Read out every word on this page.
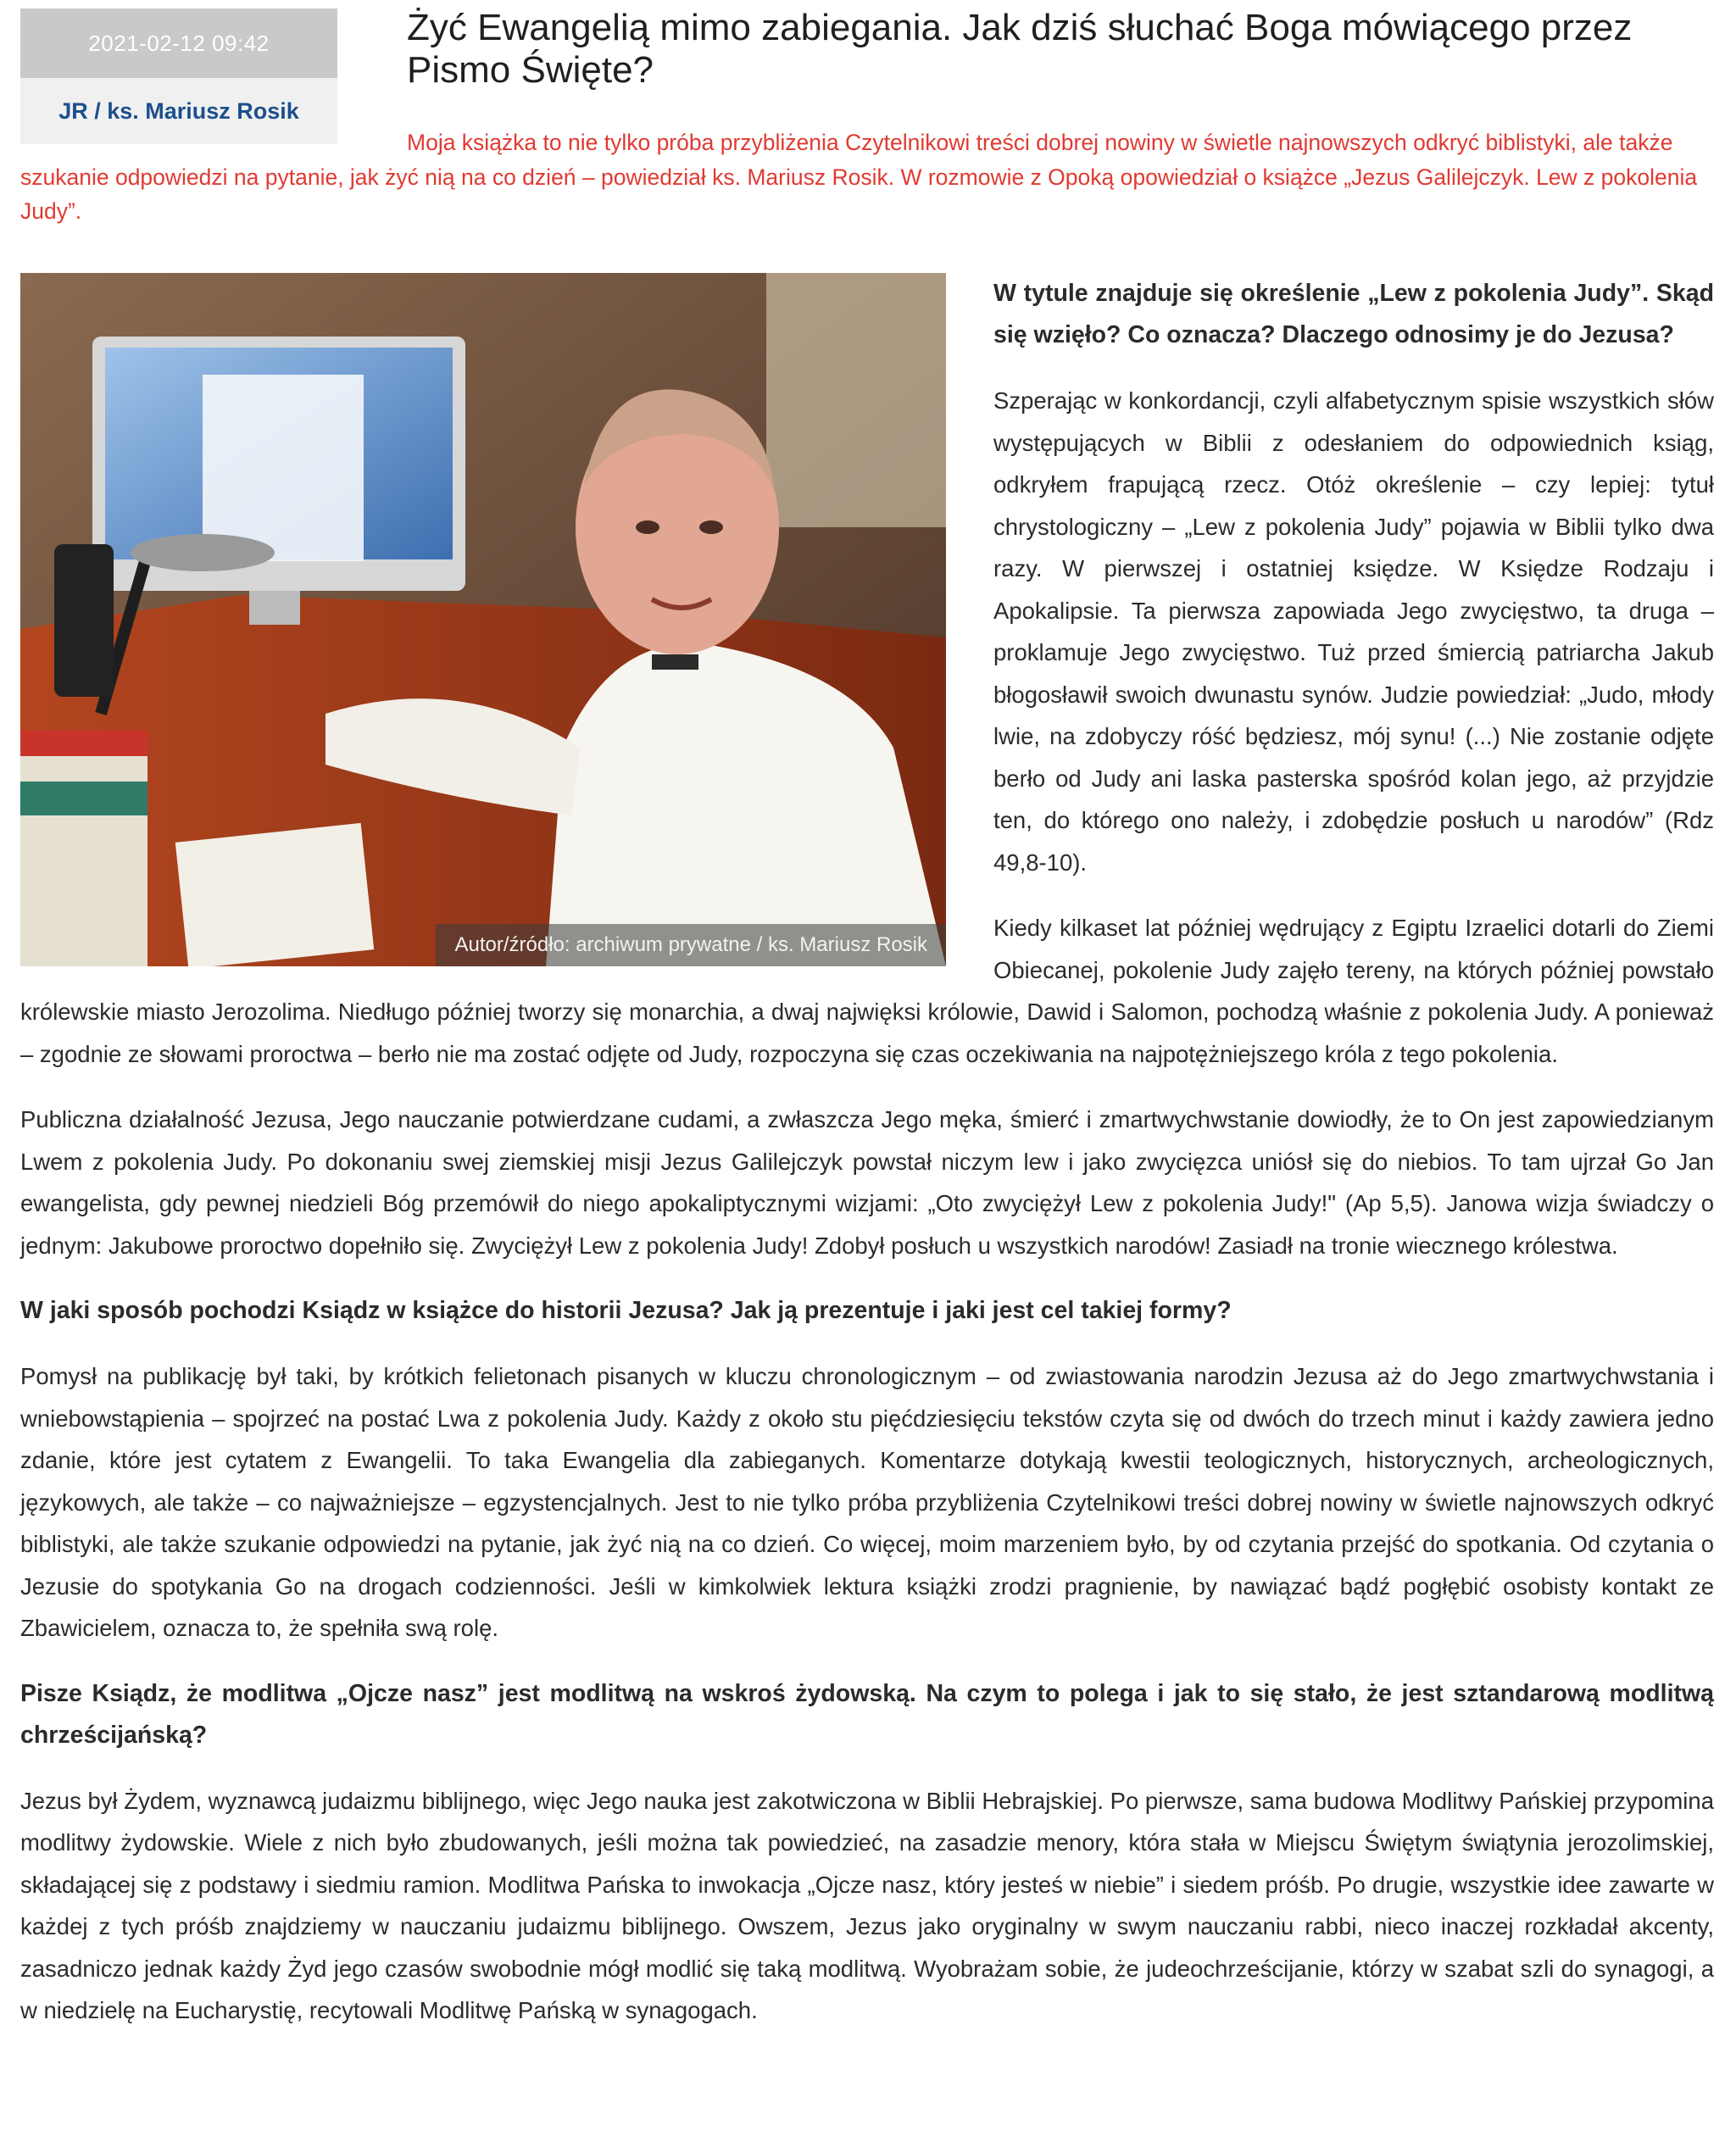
2021-02-12 09:42
JR / ks. Mariusz Rosik
Żyć Ewangelią mimo zabiegania. Jak dziś słuchać Boga mówiącego przez Pismo Święte?

Moja książka to nie tylko próba przybliżenia Czytelnikowi treści dobrej nowiny w świetle najnowszych odkryć biblistyki, ale także szukanie odpowiedzi na pytanie, jak żyć nią na co dzień – powiedział ks. Mariusz Rosik. W rozmowie z Opoką opowiedział o książce „Jezus Galilejczyk. Lew z pokolenia Judy”.

Autor/źródło: archiwum prywatne / ks. Mariusz Rosik
W tytule znajduje się określenie „Lew z pokolenia Judy”. Skąd się wzięło? Co oznacza? Dlaczego odnosimy je do Jezusa?

Szperając w konkordancji, czyli alfabetycznym spisie wszystkich słów występujących w Biblii z odesłaniem do odpowiednich ksiąg, odkryłem frapującą rzecz. Otóż określenie – czy lepiej: tytuł chrystologiczny – „Lew z pokolenia Judy” pojawia w Biblii tylko dwa razy. W pierwszej i ostatniej księdze. W Księdze Rodzaju i Apokalipsie. Ta pierwsza zapowiada Jego zwycięstwo, ta druga – proklamuje Jego zwycięstwo. Tuż przed śmiercią patriarcha Jakub błogosławił swoich dwunastu synów. Judzie powiedział: „Judo, młody lwie, na zdobyczy róść będziesz, mój synu! (...) Nie zostanie odjęte berło od Judy ani laska pasterska spośród kolan jego, aż przyjdzie ten, do którego ono należy, i zdobędzie posłuch u narodów” (Rdz 49,8-10).

Kiedy kilkaset lat później wędrujący z Egiptu Izraelici dotarli do Ziemi Obiecanej, pokolenie Judy zajęło tereny, na których później powstało królewskie miasto Jerozolima. Niedługo później tworzy się monarchia, a dwaj najwięksi królowie, Dawid i Salomon, pochodzą właśnie z pokolenia Judy. A ponieważ – zgodnie ze słowami proroctwa – berło nie ma zostać odjęte od Judy, rozpoczyna się czas oczekiwania na najpotężniejszego króla z tego pokolenia.

Publiczna działalność Jezusa, Jego nauczanie potwierdzane cudami, a zwłaszcza Jego męka, śmierć i zmartwychwstanie dowiodły, że to On jest zapowiedzianym Lwem z pokolenia Judy. Po dokonaniu swej ziemskiej misji Jezus Galilejczyk powstał niczym lew i jako zwycięzca uniósł się do niebios. To tam ujrzał Go Jan ewangelista, gdy pewnej niedzieli Bóg przemówił do niego apokaliptycznymi wizjami: „Oto zwyciężył Lew z pokolenia Judy!" (Ap 5,5). Janowa wizja świadczy o jednym: Jakubowe proroctwo dopełniło się. Zwyciężył Lew z pokolenia Judy! Zdobył posłuch u wszystkich narodów! Zasiadł na tronie wiecznego królestwa.

W jaki sposób pochodzi Ksiądz w książce do historii Jezusa? Jak ją prezentuje i jaki jest cel takiej formy?

Pomysł na publikację był taki, by krótkich felietonach pisanych w kluczu chronologicznym – od zwiastowania narodzin Jezusa aż do Jego zmartwychwstania i wniebowstąpienia – spojrzeć na postać Lwa z pokolenia Judy. Każdy z około stu pięćdziesięciu tekstów czyta się od dwóch do trzech minut i każdy zawiera jedno zdanie, które jest cytatem z Ewangelii. To taka Ewangelia dla zabieganych. Komentarze dotykają kwestii teologicznych, historycznych, archeologicznych, językowych, ale także – co najważniejsze – egzystencjalnych. Jest to nie tylko próba przybliżenia Czytelnikowi treści dobrej nowiny w świetle najnowszych odkryć biblistyki, ale także szukanie odpowiedzi na pytanie, jak żyć nią na co dzień. Co więcej, moim marzeniem było, by od czytania przejść do spotkania. Od czytania o Jezusie do spotykania Go na drogach codzienności. Jeśli w kimkolwiek lektura książki zrodzi pragnienie, by nawiązać bądź pogłębić osobisty kontakt ze Zbawicielem, oznacza to, że spełniła swą rolę.

Pisze Ksiądz, że modlitwa „Ojcze nasz” jest modlitwą na wskroś żydowską. Na czym to polega i jak to się stało, że jest sztandarową modlitwą chrześcijańską?

Jezus był Żydem, wyznawcą judaizmu biblijnego, więc Jego nauka jest zakotwiczona w Biblii Hebrajskiej. Po pierwsze, sama budowa Modlitwy Pańskiej przypomina modlitwy żydowskie. Wiele z nich było zbudowanych, jeśli można tak powiedzieć, na zasadzie menory, która stała w Miejscu Świętym świątynia jerozolimskiej, składającej się z podstawy i siedmiu ramion. Modlitwa Pańska to inwokacja „Ojcze nasz, który jesteś w niebie” i siedem próśb. Po drugie, wszystkie idee zawarte w każdej z tych próśb znajdziemy w nauczaniu judaizmu biblijnego. Owszem, Jezus jako oryginalny w swym nauczaniu rabbi, nieco inaczej rozkładał akcenty, zasadniczo jednak każdy Żyd jego czasów swobodnie mógł modlić się taką modlitwą. Wyobrażam sobie, że judeochrześcijanie, którzy w szabat szli do synagogi, a w niedzielę na Eucharystię, recytowali Modlitwę Pańską w synagogach.
